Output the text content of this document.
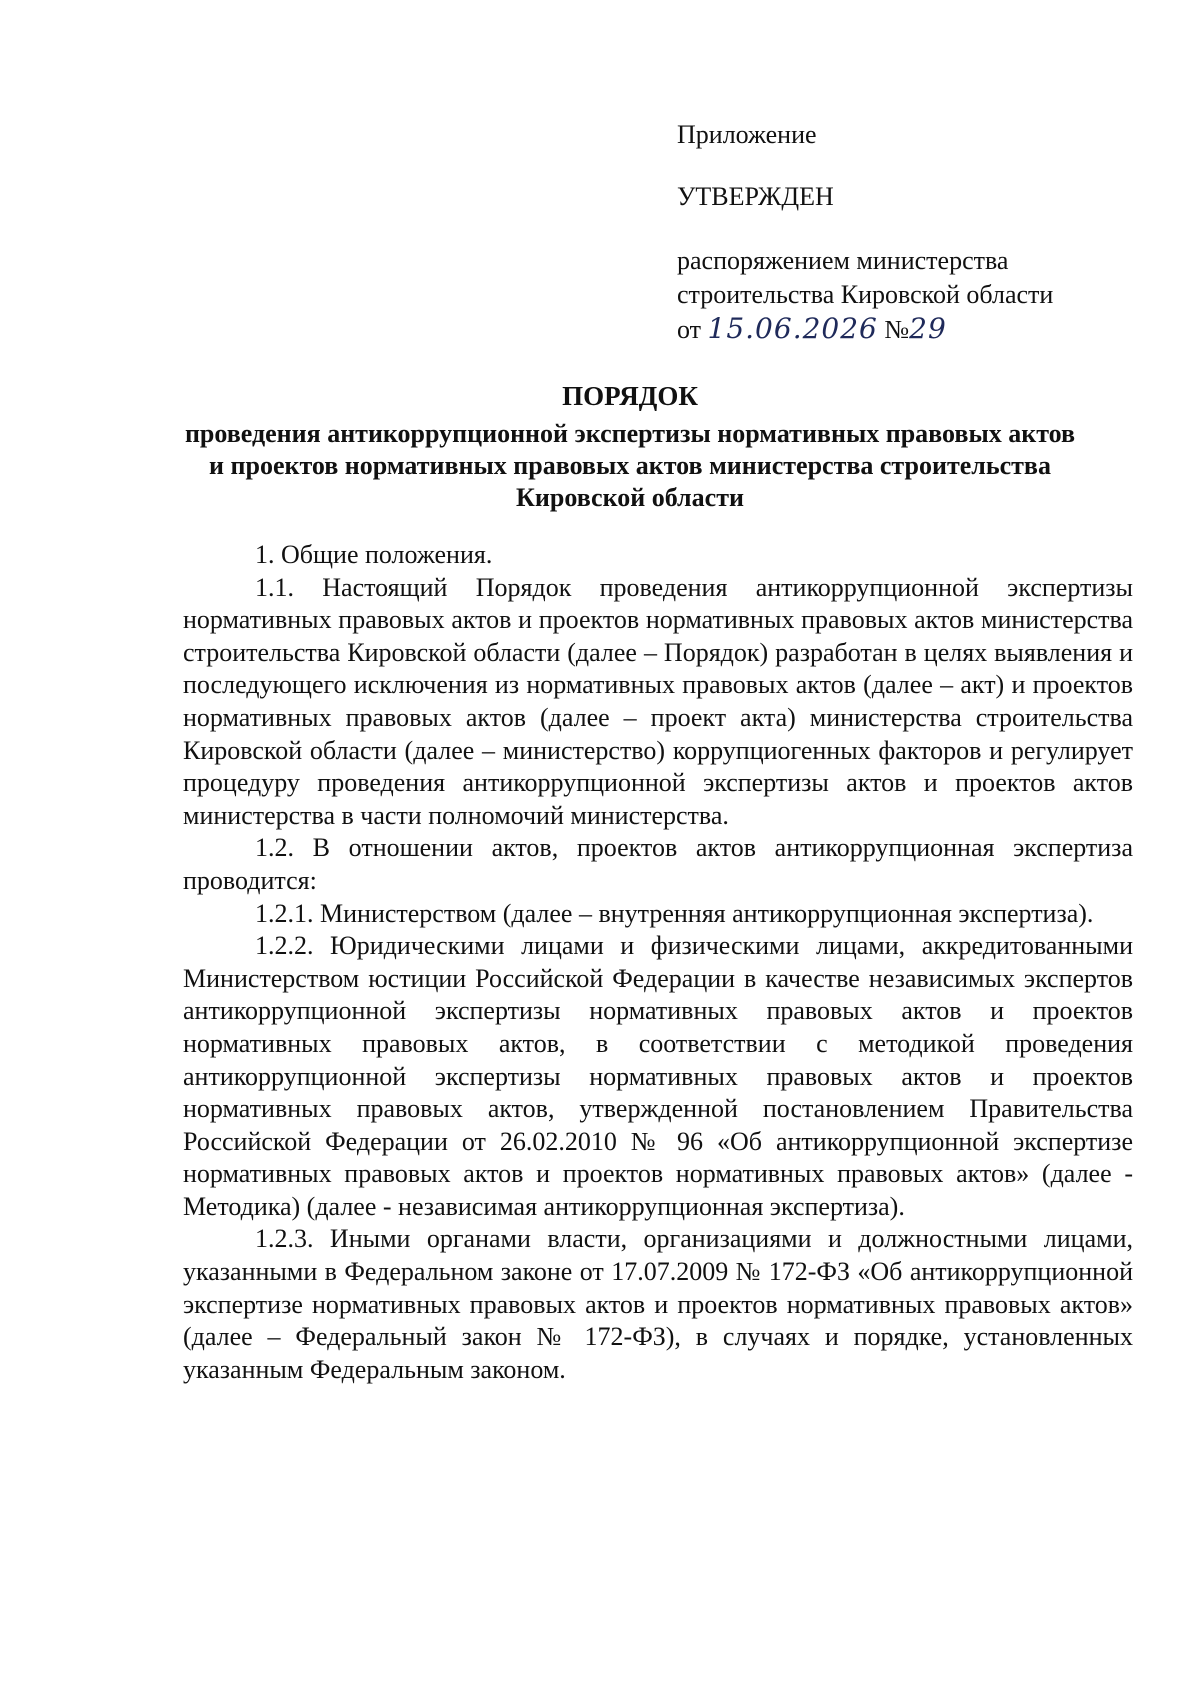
Приложение
УТВЕРЖДЕН
распоряжением министерства
строительства Кировской области
от 15.06.2026 №29
ПОРЯДОК
проведения антикоррупционной экспертизы нормативных правовых актов и проектов нормативных правовых актов министерства строительства Кировской области

1. Общие положения.

1.1. Настоящий Порядок проведения антикоррупционной экспертизы нормативных правовых актов и проектов нормативных правовых актов министерства строительства Кировской области (далее – Порядок) разработан в целях выявления и последующего исключения из нормативных правовых актов (далее – акт) и проектов нормативных правовых актов (далее – проект акта) министерства строительства Кировской области (далее – министерство) коррупциогенных факторов и регулирует процедуру проведения антикоррупционной экспертизы актов и проектов актов министерства в части полномочий министерства.

1.2. В отношении актов, проектов актов антикоррупционная экспертиза проводится:

1.2.1. Министерством (далее – внутренняя антикоррупционная экспертиза).

1.2.2. Юридическими лицами и физическими лицами, аккредитованными Министерством юстиции Российской Федерации в качестве независимых экспертов антикоррупционной экспертизы нормативных правовых актов и проектов нормативных правовых актов, в соответствии с методикой проведения антикоррупционной экспертизы нормативных правовых актов и проектов нормативных правовых актов, утвержденной постановлением Правительства Российской Федерации от 26.02.2010 № 96 «Об антикоррупционной экспертизе нормативных правовых актов и проектов нормативных правовых актов» (далее - Методика) (далее - независимая антикоррупционная экспертиза).

1.2.3. Иными органами власти, организациями и должностными лицами, указанными в Федеральном законе от 17.07.2009 № 172-ФЗ «Об антикоррупционной экспертизе нормативных правовых актов и проектов нормативных правовых актов» (далее – Федеральный закон № 172-ФЗ), в случаях и порядке, установленных указанным Федеральным законом.
